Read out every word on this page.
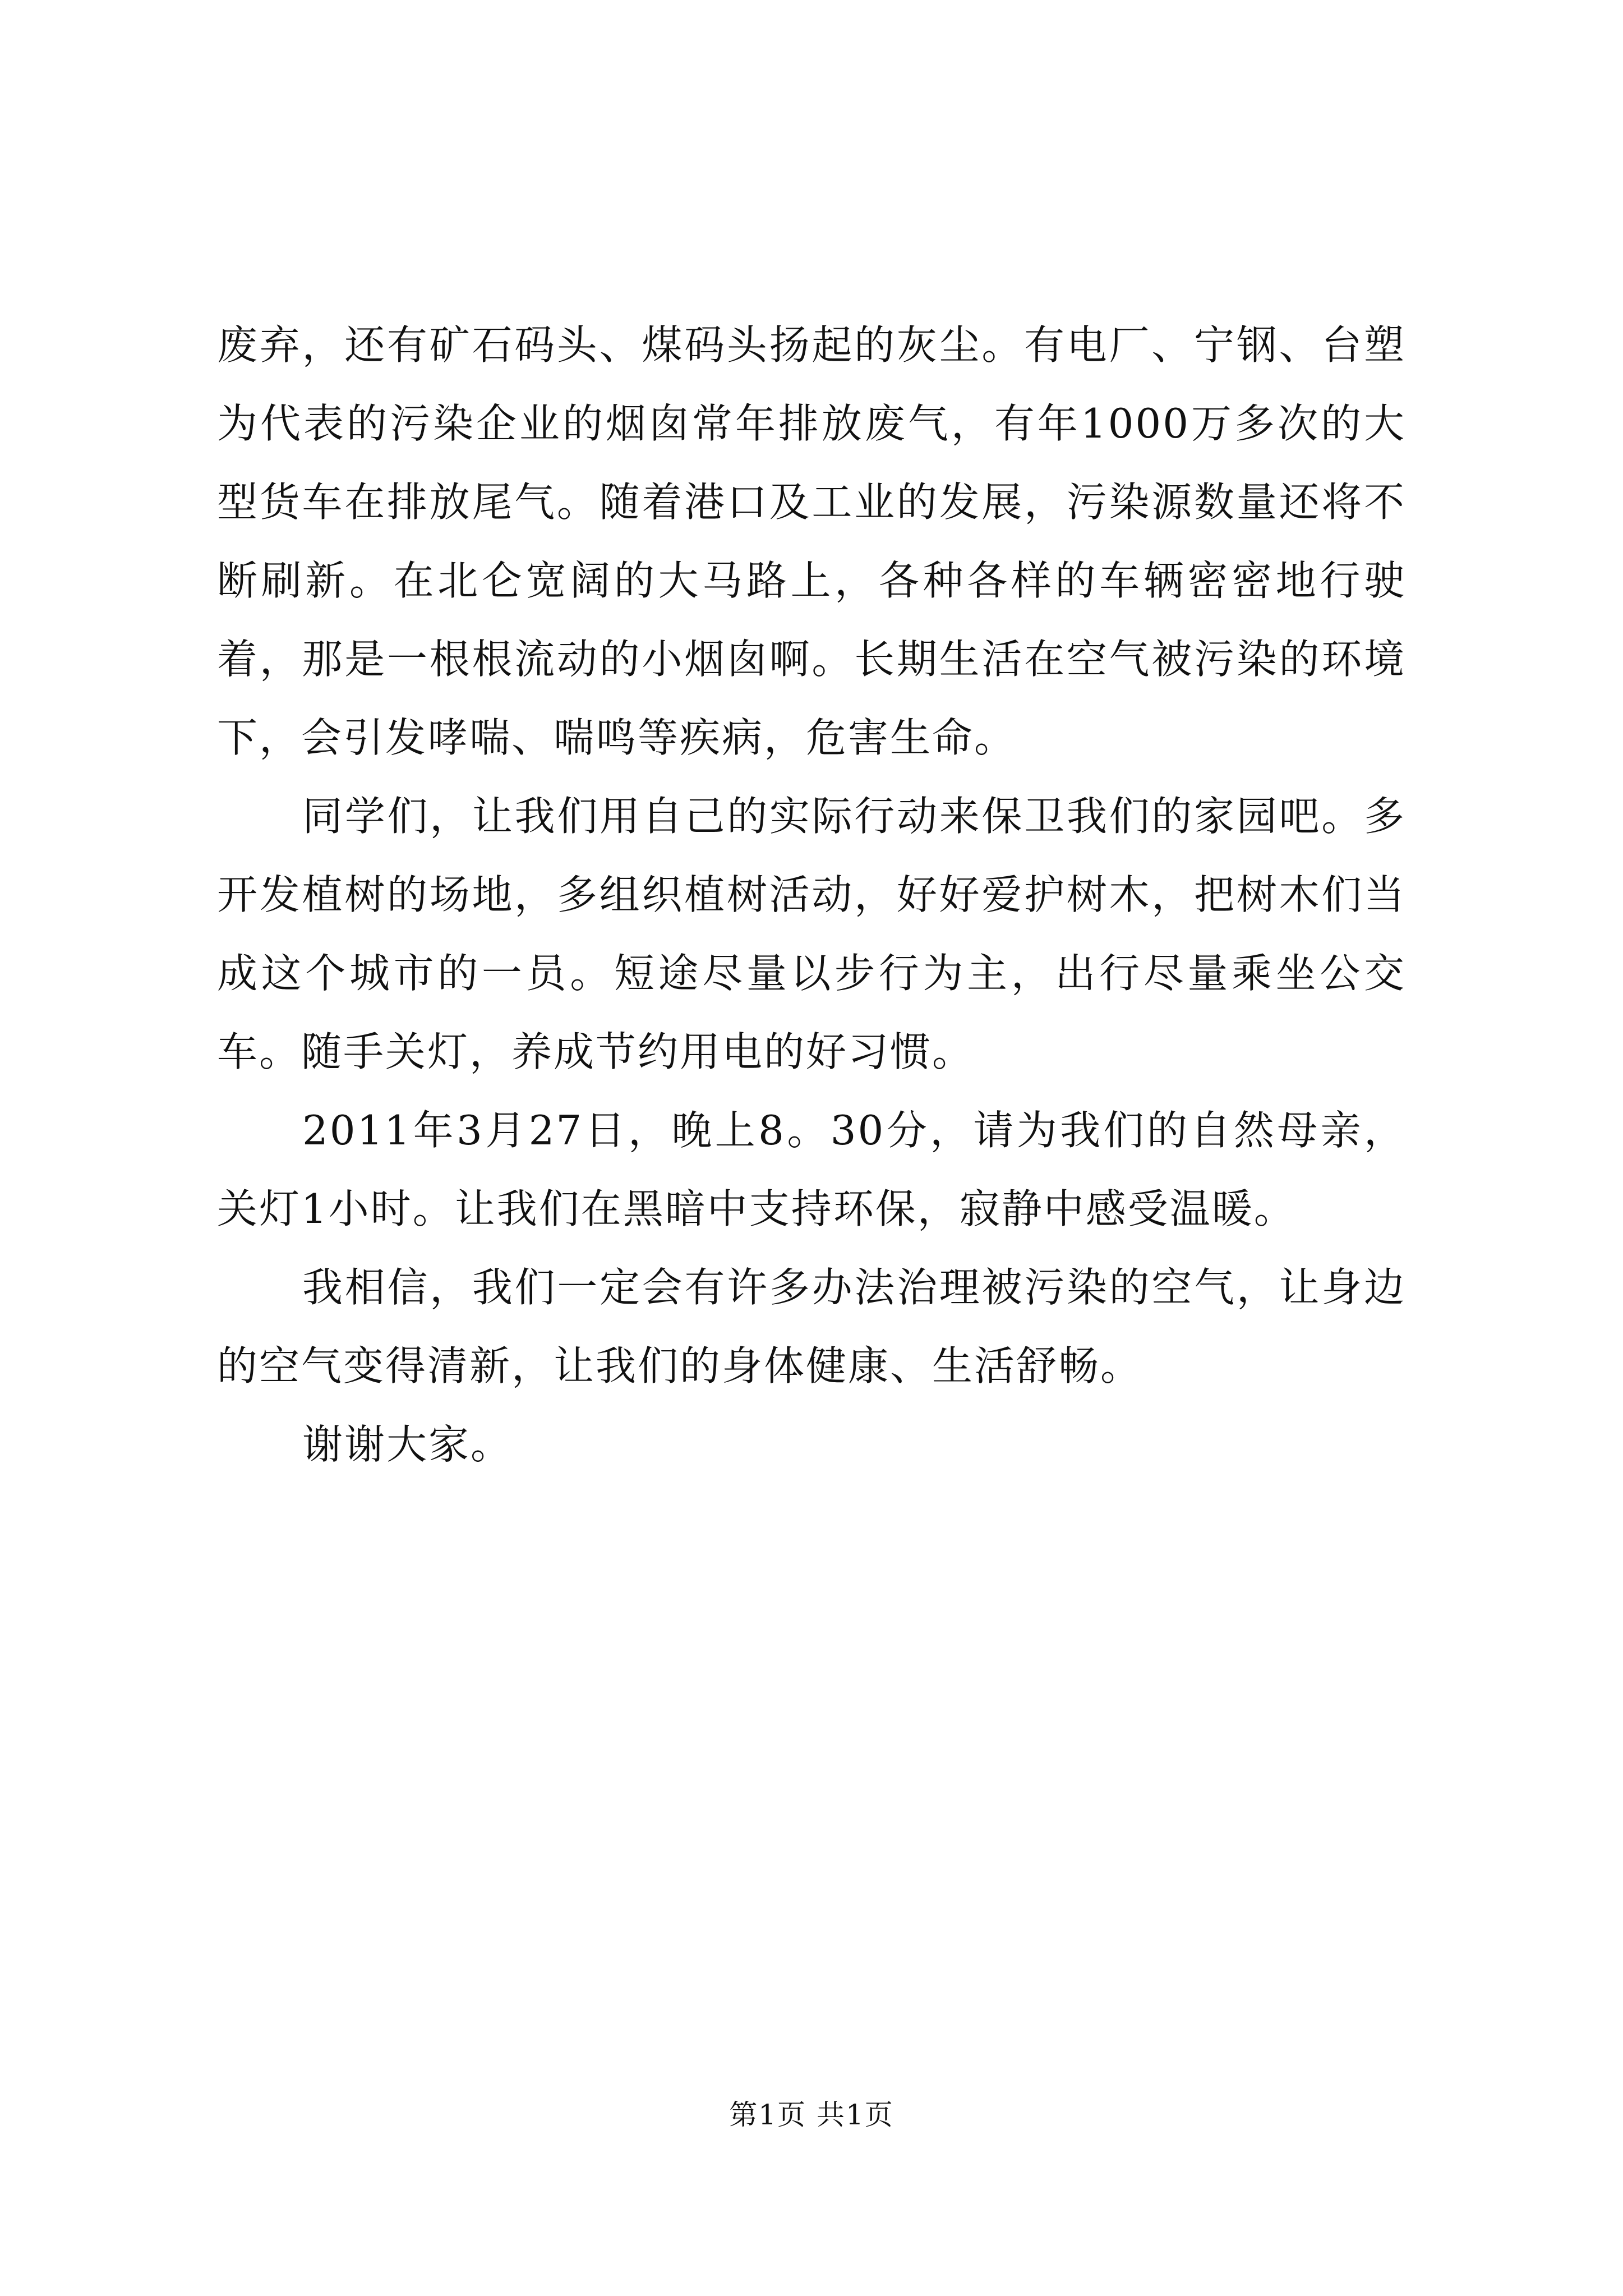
废弃，还有矿石码头、煤码头扬起的灰尘。有电厂、宁钢、台塑为代表的污染企业的烟囱常年排放废气，有年1000万多次的大型货车在排放尾气。随着港口及工业的发展，污染源数量还将不断刷新。在北仑宽阔的大马路上，各种各样的车辆密密地行驶着，那是一根根流动的小烟囱啊。长期生活在空气被污染的环境下，会引发哮喘、喘鸣等疾病，危害生命。

同学们，让我们用自己的实际行动来保卫我们的家园吧。多开发植树的场地，多组织植树活动，好好爱护树木，把树木们当成这个城市的一员。短途尽量以步行为主，出行尽量乘坐公交车。随手关灯，养成节约用电的好习惯。

2011年3月27日，晚上8。30分，请为我们的自然母亲，关灯1小时。让我们在黑暗中支持环保，寂静中感受温暖。

我相信，我们一定会有许多办法治理被污染的空气，让身边的空气变得清新，让我们的身体健康、生活舒畅。

谢谢大家。

第1页 共1页
